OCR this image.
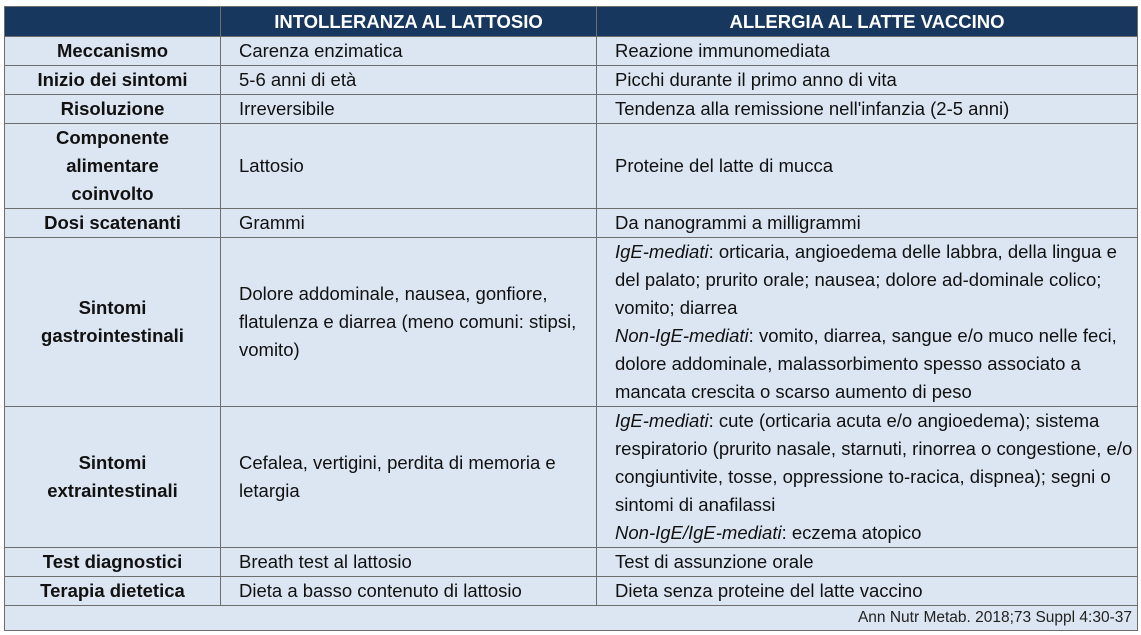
	INTOLLERANZA AL LATTOSIO	ALLERGIA AL LATTE VACCINO
Meccanismo	Carenza enzimatica	Reazione immunomediata
Inizio dei sintomi	5-6 anni di età	Picchi durante il primo anno di vita
Risoluzione	Irreversibile	Tendenza alla remissione nell'infanzia (2-5 anni)
Componente alimentare coinvolto	Lattosio	Proteine del latte di mucca
Dosi scatenanti	Grammi	Da nanogrammi a milligrammi
Sintomi gastrointestinali	Dolore addominale, nausea, gonfiore, flatulenza e diarrea (meno comuni: stipsi, vomito)	IgE-mediati: orticaria, angioedema delle labbra, della lingua e del palato; prurito orale; nausea; dolore ad-dominale colico; vomito; diarrea
Non-IgE-mediati: vomito, diarrea, sangue e/o muco nelle feci, dolore addominale, malassorbimento spesso associato a mancata crescita o scarso aumento di peso

Sintomi extraintestinali	Cefalea, vertigini, perdita di memoria e letargia	IgE-mediati: cute (orticaria acuta e/o angioedema); sistema respiratorio (prurito nasale, starnuti, rinorrea o congestione, e/o congiuntivite, tosse, oppressione to-racica, dispnea); segni o sintomi di anafilassi
Non-IgE/IgE-mediati: eczema atopico

Test diagnostici	Breath test al lattosio	Test di assunzione orale
Terapia dietetica	Dieta a basso contenuto di lattosio	Dieta senza proteine del latte vaccino
Ann Nutr Metab. 2018;73 Suppl 4:30-37		
